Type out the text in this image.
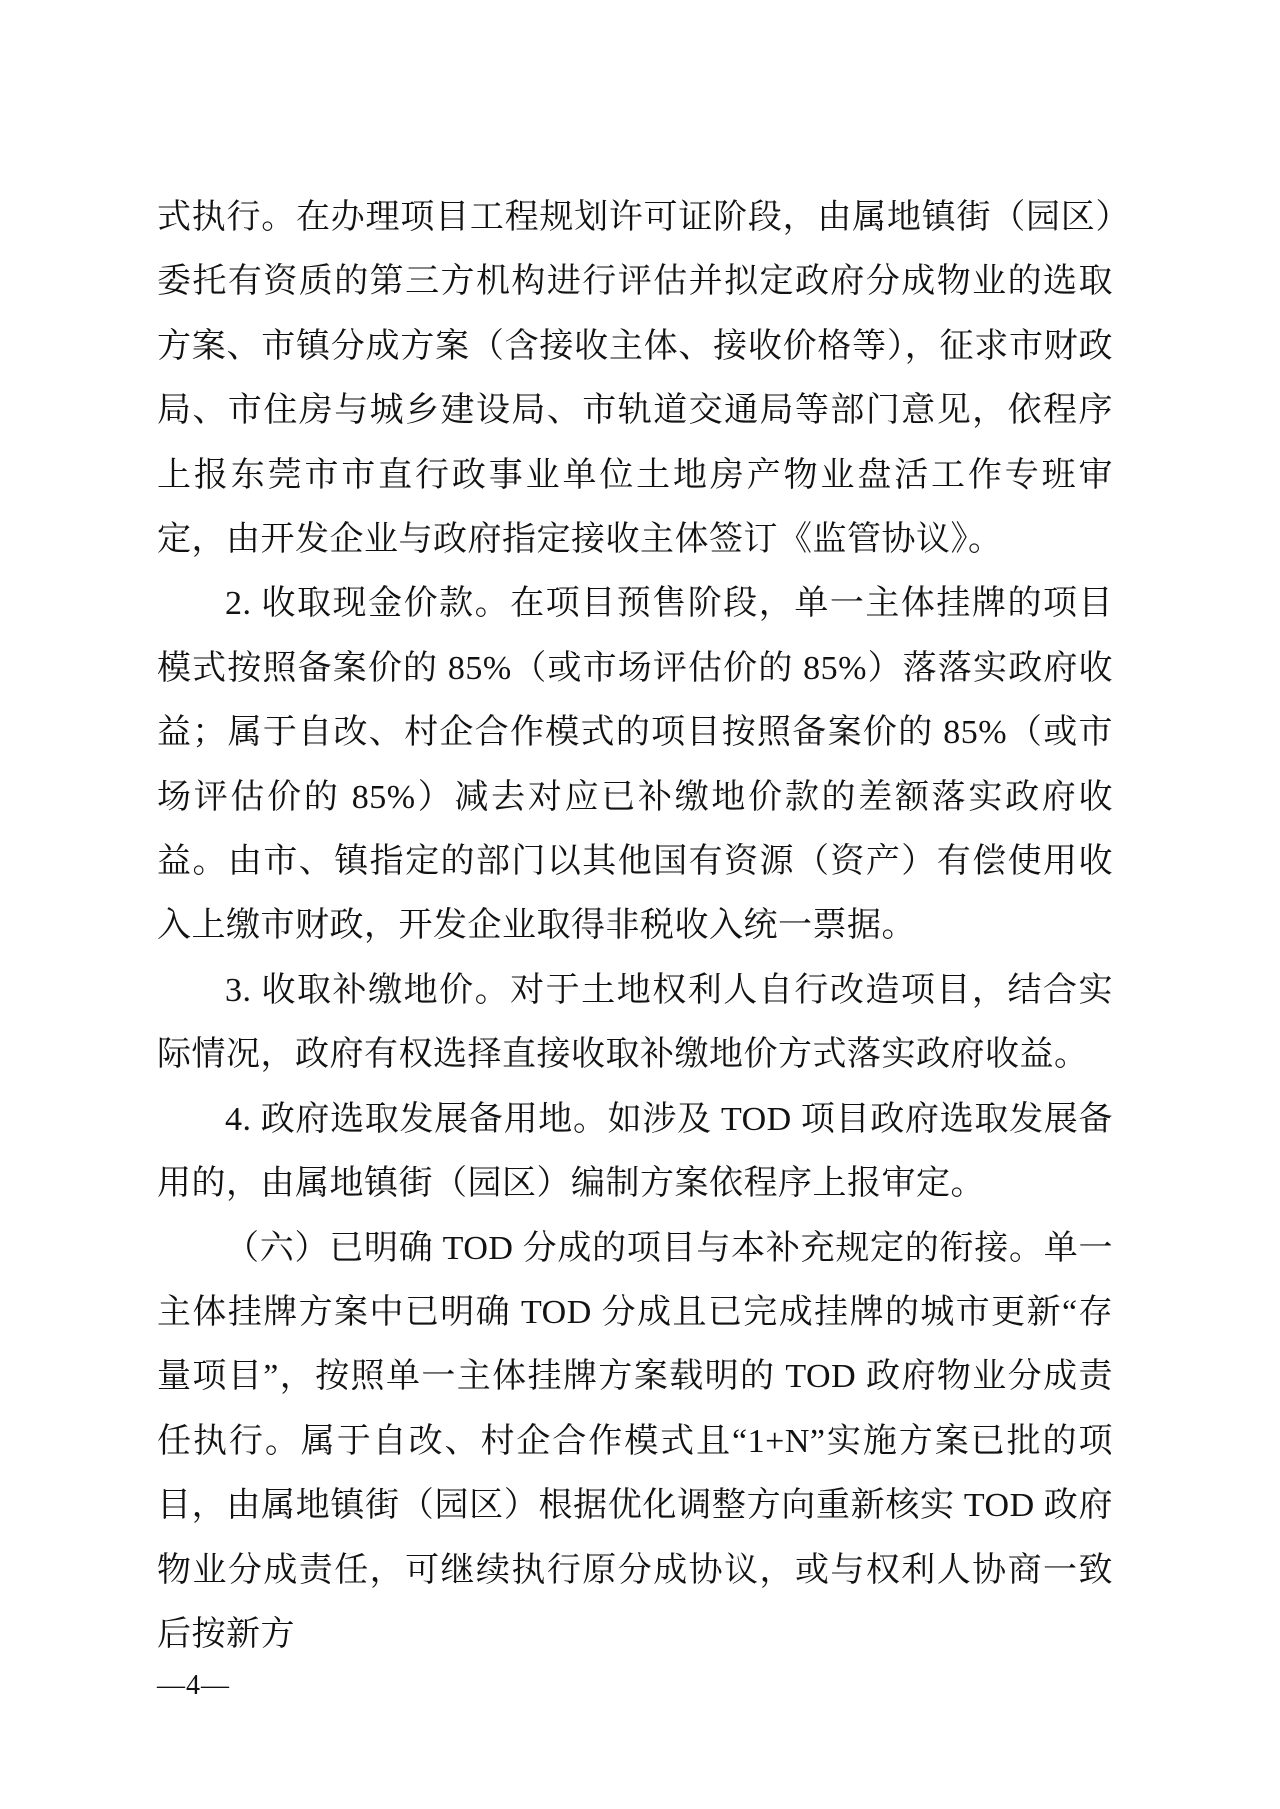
式执行。在办理项目工程规划许可证阶段，由属地镇街（园区）委托有资质的第三方机构进行评估并拟定政府分成物业的选取方案、市镇分成方案（含接收主体、接收价格等），征求市财政局、市住房与城乡建设局、市轨道交通局等部门意见，依程序上报东莞市市直行政事业单位土地房产物业盘活工作专班审定，由开发企业与政府指定接收主体签订《监管协议》。

2. 收取现金价款。在项目预售阶段，单一主体挂牌的项目模式按照备案价的 85%（或市场评估价的 85%）落落实政府收益；属于自改、村企合作模式的项目按照备案价的 85%（或市场评估价的 85%）减去对应已补缴地价款的差额落实政府收益。由市、镇指定的部门以其他国有资源（资产）有偿使用收入上缴市财政，开发企业取得非税收入统一票据。

3. 收取补缴地价。对于土地权利人自行改造项目，结合实际情况，政府有权选择直接收取补缴地价方式落实政府收益。

4. 政府选取发展备用地。如涉及 TOD 项目政府选取发展备用的，由属地镇街（园区）编制方案依程序上报审定。

（六）已明确 TOD 分成的项目与本补充规定的衔接。单一主体挂牌方案中已明确 TOD 分成且已完成挂牌的城市更新“存量项目”，按照单一主体挂牌方案载明的 TOD 政府物业分成责任执行。属于自改、村企合作模式且“1+N”实施方案已批的项目，由属地镇街（园区）根据优化调整方向重新核实 TOD 政府物业分成责任，可继续执行原分成协议，或与权利人协商一致后按新方

—4—
